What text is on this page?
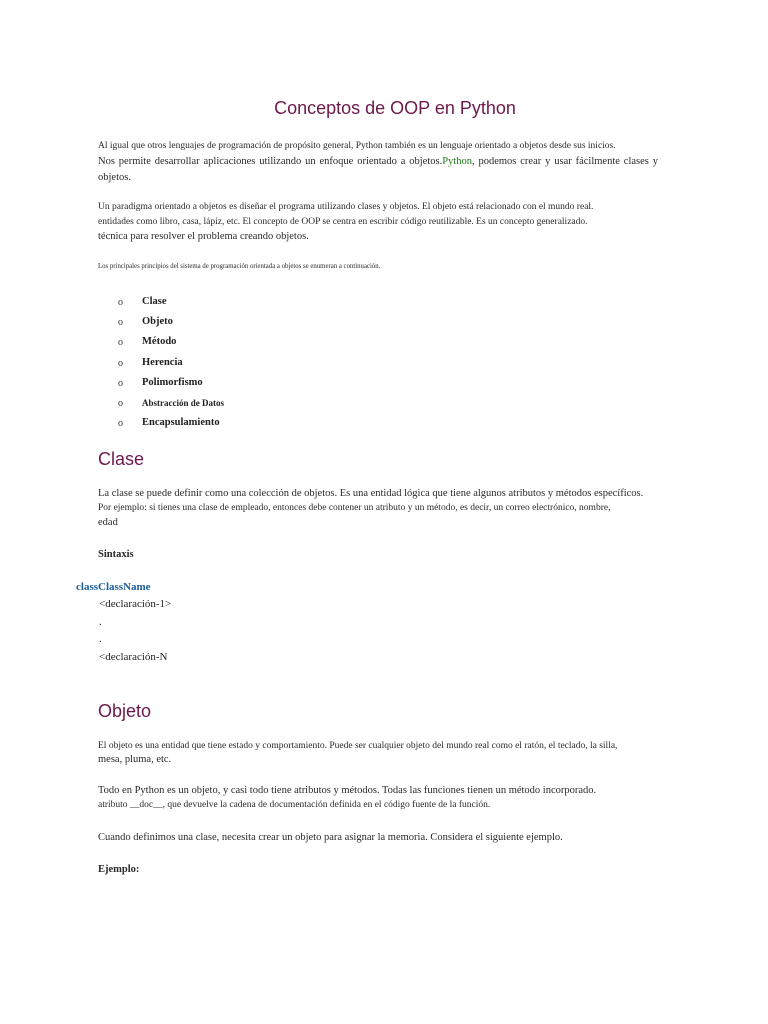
Conceptos de OOP en Python
Al igual que otros lenguajes de programación de propósito general, Python también es un lenguaje orientado a objetos desde sus inicios.
Nos permite desarrollar aplicaciones utilizando un enfoque orientado a objetos.Python, podemos crear y usar fácilmente clases y objetos.
Un paradigma orientado a objetos es diseñar el programa utilizando clases y objetos. El objeto está relacionado con el mundo real.
entidades como libro, casa, lápiz, etc. El concepto de OOP se centra en escribir código reutilizable. Es un concepto generalizado.
técnica para resolver el problema creando objetos.
Los principales principios del sistema de programación orientada a objetos se enumeran a continuación.
o	Clase
o	Objeto
o	Método
o	Herencia
o	Polimorfismo
o	Abstracción de Datos
o	Encapsulamiento
Clase
La clase se puede definir como una colección de objetos. Es una entidad lógica que tiene algunos atributos y métodos específicos.
Por ejemplo: si tienes una clase de empleado, entonces debe contener un atributo y un método, es decir, un correo electrónico, nombre,
edad
Sintaxis
classClassName
<declaración-1>
.
.
<declaración-N
Objeto
El objeto es una entidad que tiene estado y comportamiento. Puede ser cualquier objeto del mundo real como el ratón, el teclado, la silla,
mesa, pluma, etc.
Todo en Python es un objeto, y casi todo tiene atributos y métodos. Todas las funciones tienen un método incorporado.
atributo __doc__, que devuelve la cadena de documentación definida en el código fuente de la función.
Cuando definimos una clase, necesita crear un objeto para asignar la memoria. Considera el siguiente ejemplo.
Ejemplo:
